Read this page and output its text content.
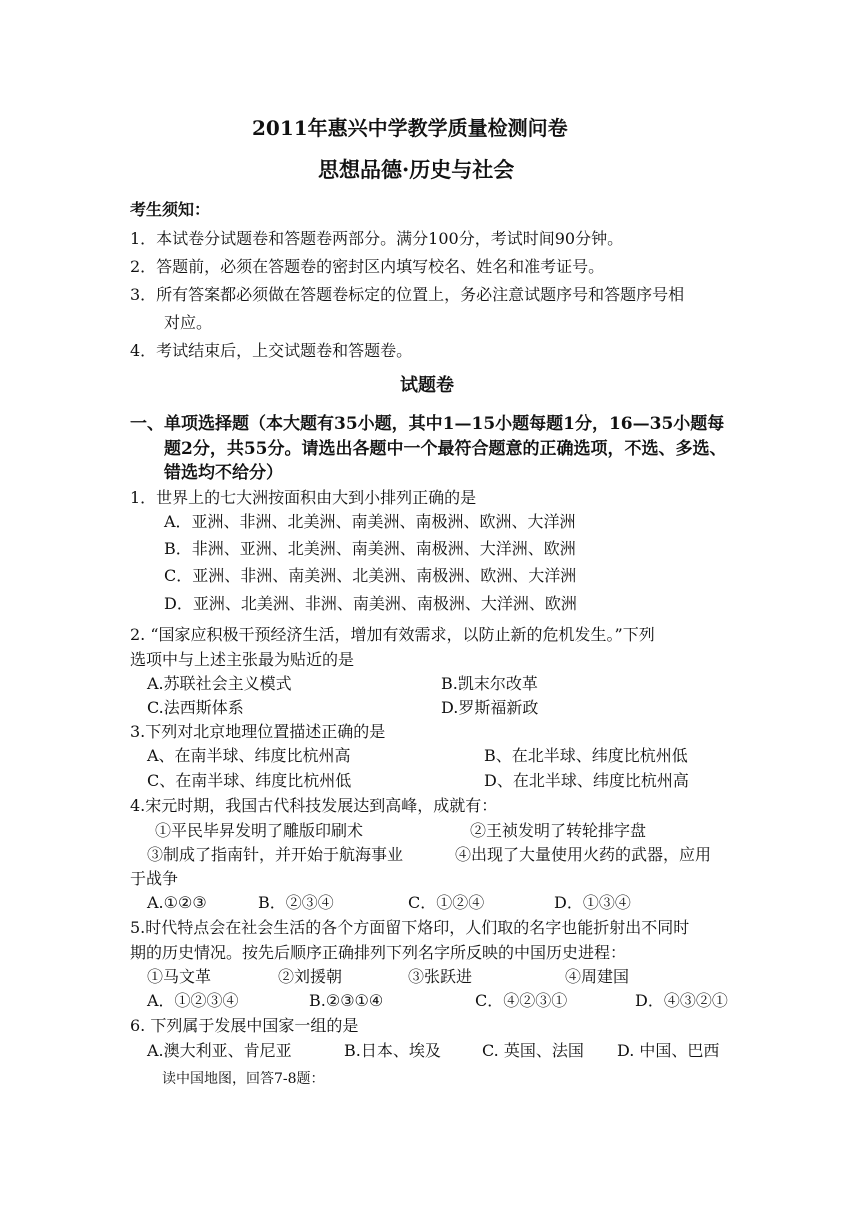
2011年惠兴中学教学质量检测问卷
思想品德·历史与社会
考生须知：
1．本试卷分试题卷和答题卷两部分。满分100分，考试时间90分钟。
2．答题前，必须在答题卷的密封区内填写校名、姓名和准考证号。
3．所有答案都必须做在答题卷标定的位置上，务必注意试题序号和答题序号相
对应。
4．考试结束后，上交试题卷和答题卷。
试题卷
一、单项选择题（本大题有35小题，其中1—15小题每题1分，16—35小题每
题2分，共55分。请选出各题中一个最符合题意的正确选项，不选、多选、
错选均不给分）
1．世界上的七大洲按面积由大到小排列正确的是
A．亚洲、非洲、北美洲、南美洲、南极洲、欧洲、大洋洲
B．非洲、亚洲、北美洲、南美洲、南极洲、大洋洲、欧洲
C．亚洲、非洲、南美洲、北美洲、南极洲、欧洲、大洋洲
D．亚洲、北美洲、非洲、南美洲、南极洲、大洋洲、欧洲
2. “国家应积极干预经济生活，增加有效需求，以防止新的危机发生。”下列
选项中与上述主张最为贴近的是
A.苏联社会主义模式	B.凯末尔改革
C.法西斯体系	D.罗斯福新政
3.下列对北京地理位置描述正确的是
A、在南半球、纬度比杭州高	B、在北半球、纬度比杭州低
C、在南半球、纬度比杭州低	D、在北半球、纬度比杭州高
4.宋元时期，我国古代科技发展达到高峰，成就有：
①平民毕昇发明了雕版印刷术	②王祯发明了转轮排字盘
③制成了指南针，并开始于航海事业	④出现了大量使用火药的武器，应用
于战争
A.①②③	B．②③④	C．①②④	D．①③④
5.时代特点会在社会生活的各个方面留下烙印，人们取的名字也能折射出不同时
期的历史情况。按先后顺序正确排列下列名字所反映的中国历史进程：
①马文革	②刘援朝	③张跃进	④周建国
A．①②③④	B.②③①④	C．④②③①	D．④③②①
6. 下列属于发展中国家一组的是
A.澳大利亚、肯尼亚	B.日本、埃及	C. 英国、法国 D. 中国、巴西
读中国地图，回答7-8题：
